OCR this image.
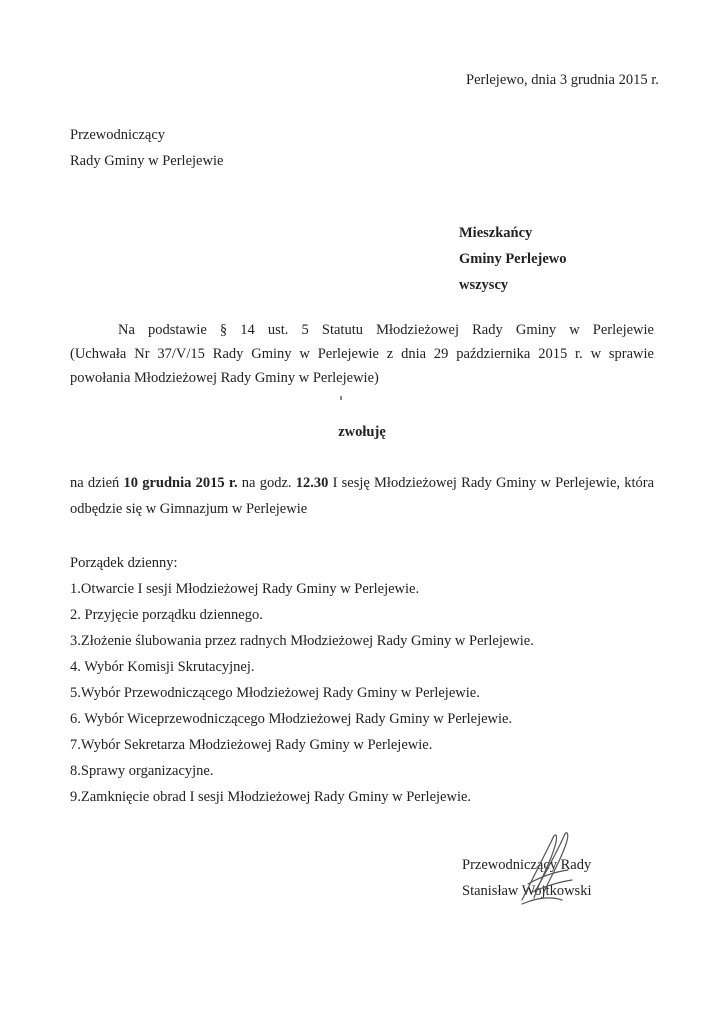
Perlejewo, dnia 3 grudnia 2015 r.
Przewodniczący
Rady Gminy w Perlejewie
Mieszkańcy
Gminy Perlejewo
wszyscy
Na podstawie § 14 ust. 5 Statutu Młodzieżowej Rady Gminy w Perlejewie
(Uchwała Nr 37/V/15 Rady Gminy w Perlejewie z dnia 29 października 2015 r. w sprawie
powołania Młodzieżowej Rady Gminy w Perlejewie)
zwołuję
na dzień 10 grudnia 2015 r. na godz. 12.30 I sesję Młodzieżowej Rady Gminy w Perlejewie, która
odbędzie się w Gimnazjum w Perlejewie
Porządek dzienny:
1.Otwarcie I sesji Młodzieżowej Rady Gminy w Perlejewie.
2. Przyjęcie porządku dziennego.
3.Złożenie ślubowania przez radnych Młodzieżowej Rady Gminy w Perlejewie.
4. Wybór Komisji Skrutacyjnej.
5.Wybór Przewodniczącego Młodzieżowej Rady Gminy w Perlejewie.
6. Wybór Wiceprzewodniczącego Młodzieżowej Rady Gminy w Perlejewie.
7.Wybór Sekretarza Młodzieżowej Rady Gminy w Perlejewie.
8.Sprawy organizacyjne.
9.Zamknięcie obrad I sesji Młodzieżowej Rady Gminy w Perlejewie.
Przewodniczący Rady
Stanisław Wojtkowski
